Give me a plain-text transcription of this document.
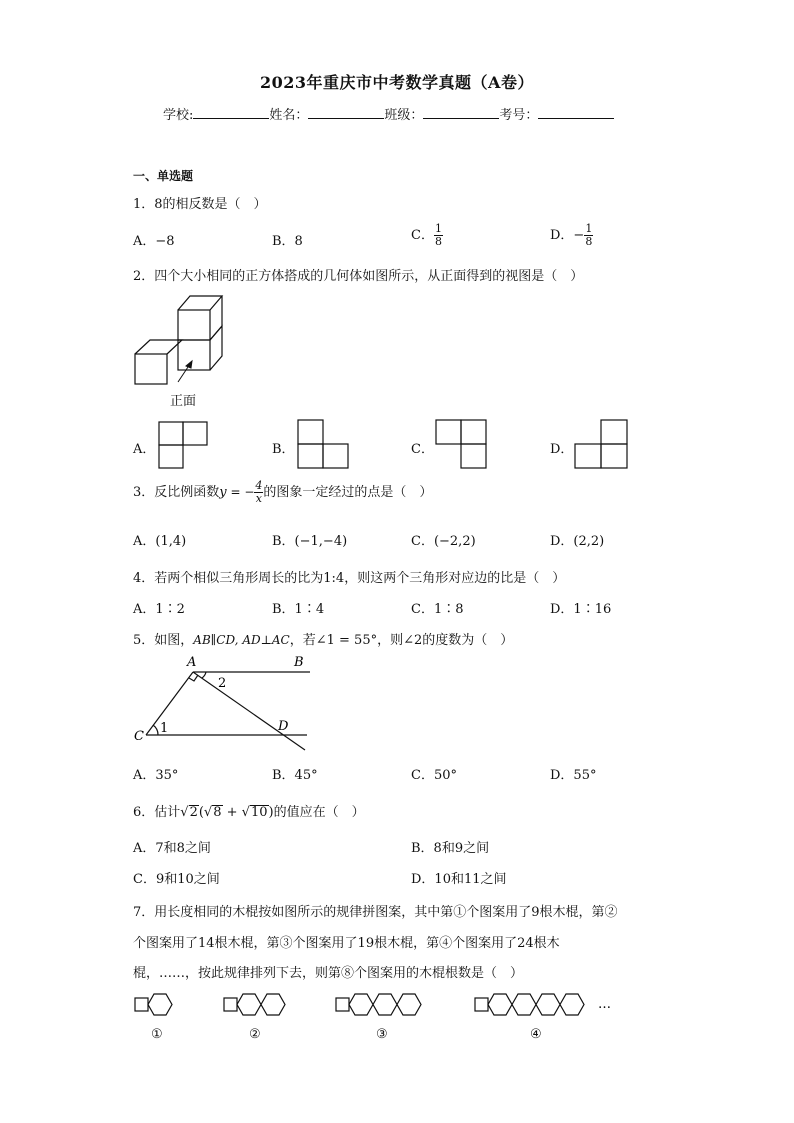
2023年重庆市中考数学真题（A卷）
学校:	姓名：	班级：	考号：
一、单选题
1．8的相反数是（　）
A．−8	B．8	C． $\frac{1}{8}$	D．− $\frac{1}{8}$
2．四个大小相同的正方体搭成的几何体如图所示，从正面得到的视图是（　）
正面
A．	B．	C．	D．
3．反比例函数y = − $\frac{4}{x}$ 的图象一定经过的点是（　）
A．(1,4)	B．(−1,−4)	C．(−2,2)	D．(2,2)
4．若两个相似三角形周长的比为1:4，则这两个三角形对应边的比是（　）
A．1∶2	B．1∶4	C．1∶8	D．1∶16
5．如图，AB∥CD, AD⊥AC，若∠1 = 55°，则∠2的度数为（　）
A	B
C
D
1
2
A．35°	B．45°	C．50°	D．55°
6．估计√2(√8 + √10)的值应在（　）
A．7和8之间	B．8和9之间
C．9和10之间	D．10和11之间
7．用长度相同的木棍按如图所示的规律拼图案，其中第①个图案用了9根木棍，第②
个图案用了14根木棍，第③个图案用了19根木棍，第④个图案用了24根木
棍，……，按此规律排列下去，则第⑧个图案用的木棍根数是（　）
…
①	②	③	④
